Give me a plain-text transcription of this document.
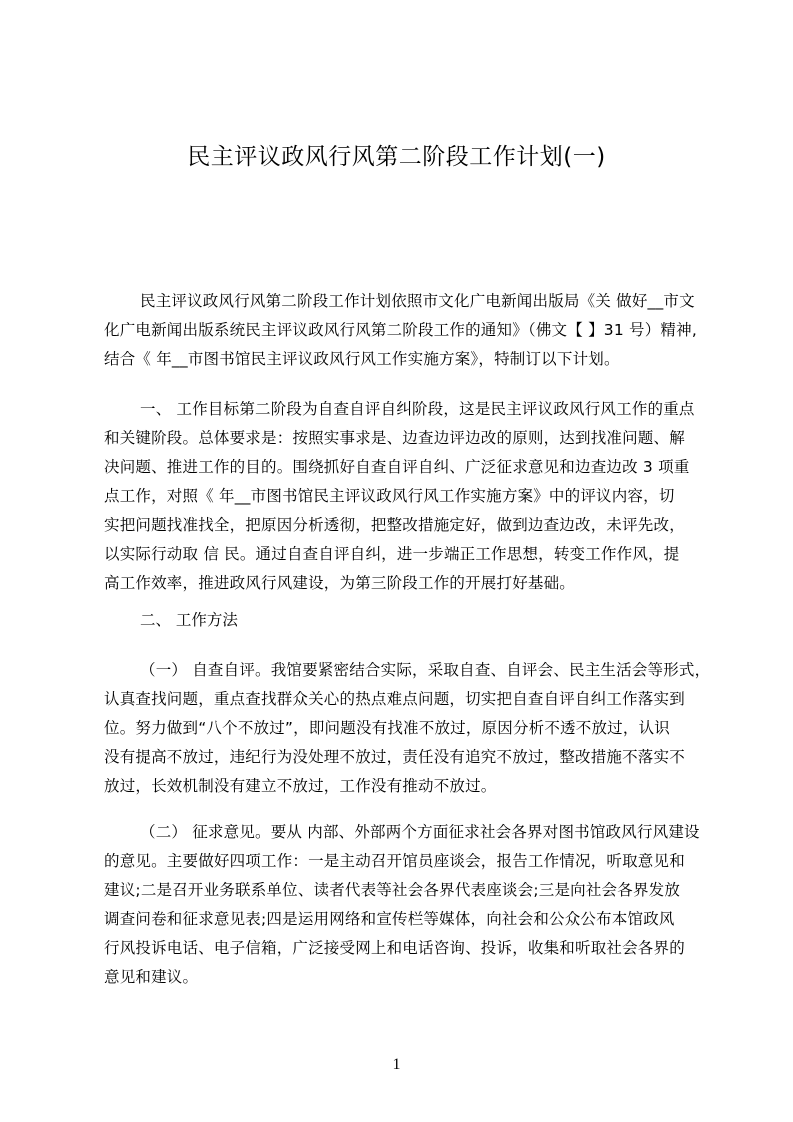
民主评议政风行风第二阶段工作计划(一)
民主评议政风行风第二阶段工作计划依照市文化广电新闻出版局《关 做好__市文
化广电新闻出版系统民主评议政风行风第二阶段工作的通知》（佛文【 】31 号）精神,
结合《 年__市图书馆民主评议政风行风工作实施方案》，特制订以下计划。
一、 工作目标第二阶段为自查自评自纠阶段，这是民主评议政风行风工作的重点
和关键阶段。总体要求是：按照实事求是、边查边评边改的原则，达到找准问题、解
决问题、推进工作的目的。围绕抓好自查自评自纠、广泛征求意见和边查边改 3 项重
点工作，对照《 年__市图书馆民主评议政风行风工作实施方案》中的评议内容，切
实把问题找准找全，把原因分析透彻，把整改措施定好，做到边查边改，未评先改，
以实际行动取 信 民。通过自查自评自纠，进一步端正工作思想，转变工作作风，提
高工作效率，推进政风行风建设，为第三阶段工作的开展打好基础。
二、 工作方法
（一） 自查自评。我馆要紧密结合实际，采取自查、自评会、民主生活会等形式，
认真查找问题，重点查找群众关心的热点难点问题，切实把自查自评自纠工作落实到
位。努力做到“八个不放过”，即问题没有找准不放过，原因分析不透不放过，认识
没有提高不放过，违纪行为没处理不放过，责任没有追究不放过，整改措施不落实不
放过，长效机制没有建立不放过，工作没有推动不放过。
（二） 征求意见。要从 内部、外部两个方面征求社会各界对图书馆政风行风建设
的意见。主要做好四项工作：一是主动召开馆员座谈会，报告工作情况，听取意见和
建议;二是召开业务联系单位、读者代表等社会各界代表座谈会;三是向社会各界发放
调查问卷和征求意见表;四是运用网络和宣传栏等媒体，向社会和公众公布本馆政风
行风投诉电话、电子信箱，广泛接受网上和电话咨询、投诉，收集和听取社会各界的
意见和建议。
1
